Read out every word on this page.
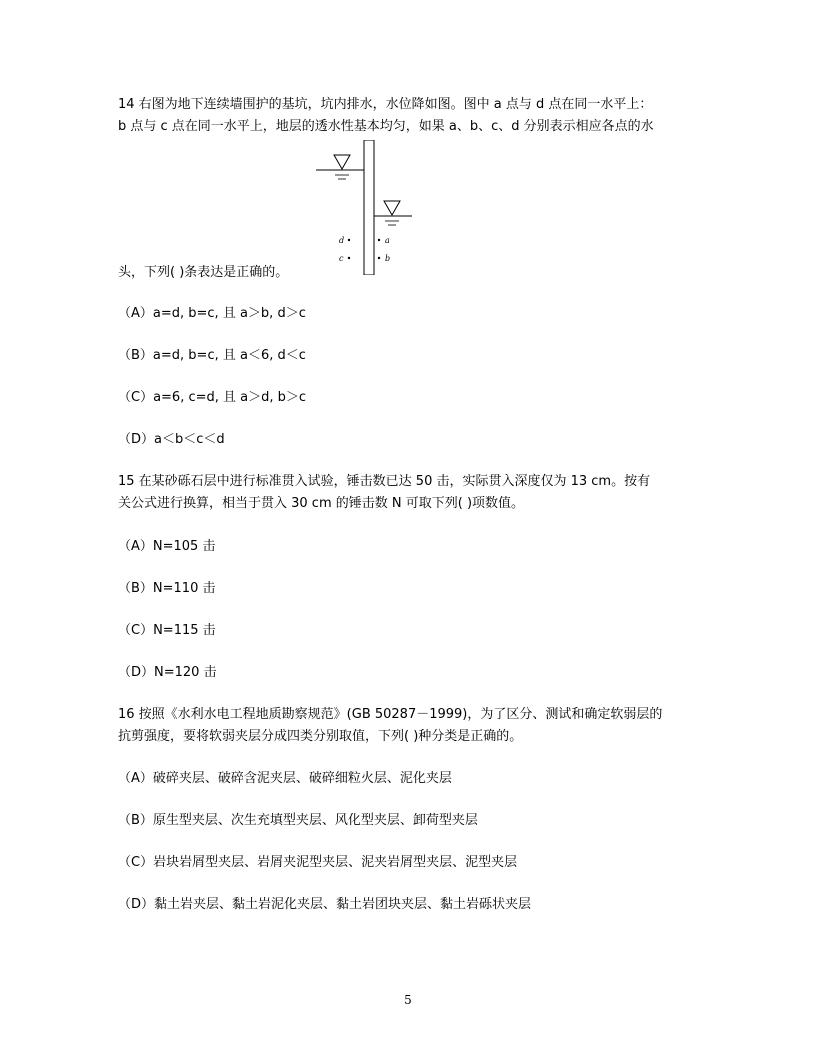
14 右图为地下连续墙围护的基坑，坑内排水，水位降如图。图中 a 点与 d 点在同一水平上：
b 点与 c 点在同一水平上，地层的透水性基本均匀，如果 a、b、c、d 分别表示相应各点的水
d
c
a
b
头，下列( )条表达是正确的。
（A）a=d, b=c, 且 a＞b, d＞c
（B）a=d, b=c, 且 a＜6, d＜c
（C）a=6, c=d, 且 a＞d, b＞c
（D）a＜b＜c＜d
15 在某砂砾石层中进行标准贯入试验，锤击数已达 50 击，实际贯入深度仅为 13 cm。按有
关公式进行换算，相当于贯入 30 cm 的锤击数 N 可取下列( )项数值。
（A）N=105 击
（B）N=110 击
（C）N=115 击
（D）N=120 击
16 按照《水利水电工程地质勘察规范》(GB 50287－1999)，为了区分、测试和确定软弱层的
抗剪强度，要将软弱夹层分成四类分别取值，下列( )种分类是正确的。
（A）破碎夹层、破碎含泥夹层、破碎细粒火层、泥化夹层
（B）原生型夹层、次生充填型夹层、风化型夹层、卸荷型夹层
（C）岩块岩屑型夹层、岩屑夹泥型夹层、泥夹岩屑型夹层、泥型夹层
（D）黏土岩夹层、黏土岩泥化夹层、黏土岩团块夹层、黏土岩砾状夹层
5
